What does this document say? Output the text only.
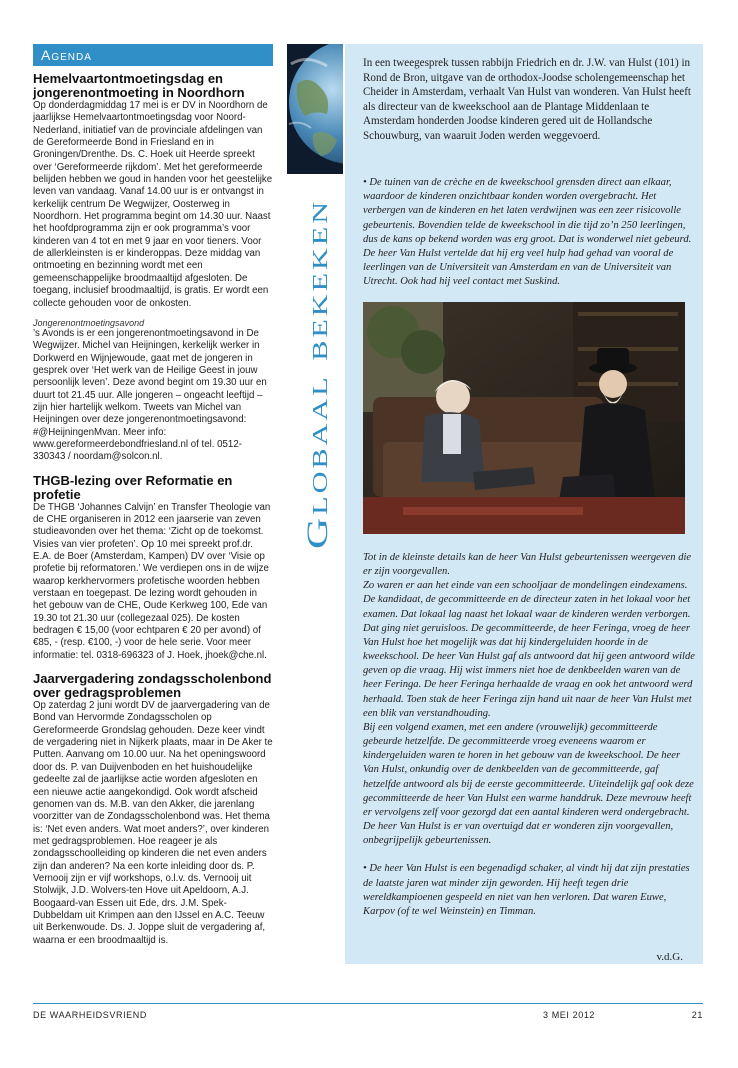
Agenda
Hemelvaartontmoetingsdag en jongerenontmoeting in Noordhorn

Op donderdagmiddag 17 mei is er DV in Noordhorn de jaarlijkse Hemelvaartontmoetingsdag voor Noord-Nederland, initiatief van de provinciale afdelingen van de Gereformeerde Bond in Friesland en in Groningen/Drenthe. Ds. C. Hoek uit Heerde spreekt over ‘Gereformeerde rijkdom’. Met het gereformeerde belijden hebben we goud in handen voor het geestelijke leven van vandaag. Vanaf 14.00 uur is er ontvangst in kerkelijk centrum De Wegwijzer, Oosterweg in Noordhorn. Het programma begint om 14.30 uur. Naast het hoofdprogramma zijn er ook programma’s voor kinderen van 4 tot en met 9 jaar en voor tieners. Voor de allerkleinsten is er kinderoppas. Deze middag van ontmoeting en bezinning wordt met een gemeenschappelijke broodmaaltijd afgesloten. De toegang, inclusief broodmaaltijd, is gratis. Er wordt een collecte gehouden voor de onkosten.

Jongerenontmoetingsavond

’s Avonds is er een jongerenontmoetingsavond in De Wegwijzer. Michel van Heijningen, kerkelijk werker in Dorkwerd en Wijnjewoude, gaat met de jongeren in gesprek over ‘Het werk van de Heilige Geest in jouw persoonlijk leven’. Deze avond begint om 19.30 uur en duurt tot 21.45 uur. Alle jongeren – ongeacht leeftijd – zijn hier hartelijk welkom. Tweets van Michel van Heijningen over deze jongerenontmoetingsavond: #@HeijningenMvan. Meer info: www.gereformeerdebondfriesland.nl of tel. 0512-330343 / noordam@solcon.nl.

THGB-lezing over Reformatie en profetie

De THGB ‘Johannes Calvijn’ en Transfer Theologie van de CHE organiseren in 2012 een jaarserie van zeven studieavonden over het thema: ‘Zicht op de toekomst. Visies van vier profeten’. Op 10 mei spreekt prof.dr. E.A. de Boer (Amsterdam, Kampen) DV over ‘Visie op profetie bij reformatoren.’ We verdiepen ons in de wijze waarop kerkhervormers profetische woorden hebben verstaan en toegepast. De lezing wordt gehouden in het gebouw van de CHE, Oude Kerkweg 100, Ede van 19.30 tot 21.30 uur (collegezaal 025). De kosten bedragen € 15,00 (voor echtparen € 20 per avond) of €85, - (resp. €100, -) voor de hele serie. Voor meer informatie: tel. 0318-696323 of J. Hoek, jhoek@che.nl.

Jaarvergadering zondagsscholenbond over gedragsproblemen

Op zaterdag 2 juni wordt DV de jaarvergadering van de Bond van Hervormde Zondagsscholen op Gereformeerde Grondslag gehouden. Deze keer vindt de vergadering niet in Nijkerk plaats, maar in De Aker te Putten. Aanvang om 10.00 uur. Na het openingswoord door ds. P. van Duijvenboden en het huishoudelijke gedeelte zal de jaarlijkse actie worden afgesloten en een nieuwe actie aangekondigd. Ook wordt afscheid genomen van ds. M.B. van den Akker, die jarenlang voorzitter van de Zondagsscholenbond was. Het thema is: ‘Net even anders. Wat moet anders?’, over kinderen met gedragsproblemen. Hoe reageer je als zondagsschoolleiding op kinderen die net even anders zijn dan anderen? Na een korte inleiding door ds. P. Vernooij zijn er vijf workshops, o.l.v. ds. Vernooij uit Stolwijk, J.D. Wolvers-ten Hove uit Apeldoorn, A.J. Boogaard-van Essen uit Ede, drs. J.M. Spek-Dubbeldam uit Krimpen aan den IJssel en A.C. Teeuw uit Berkenwoude. Ds. J. Joppe sluit de vergadering af, waarna er een broodmaaltijd is.

Globaal bekeken

In een tweegesprek tussen rabbijn Friedrich en dr. J.W. van Hulst (101) in Rond de Bron, uitgave van de orthodox-Joodse scholengemeenschap het Cheider in Amsterdam, verhaalt Van Hulst van wonderen. Van Hulst heeft als directeur van de kweekschool aan de Plantage Middenlaan te Amsterdam honderden Joodse kinderen gered uit de Hollandsche Schouwburg, van waaruit Joden werden weggevoerd.

• De tuinen van de crèche en de kweekschool grensden direct aan elkaar, waardoor de kinderen onzichtbaar konden worden overgebracht. Het verbergen van de kinderen en het laten verdwijnen was een zeer risicovolle gebeurtenis. Bovendien telde de kweekschool in die tijd zo’n 250 leerlingen, dus de kans op bekend worden was erg groot. Dat is wonderwel niet gebeurd. De heer Van Hulst vertelde dat hij erg veel hulp had gehad van vooral de leerlingen van de Universiteit van Amsterdam en van de Universiteit van Utrecht. Ook had hij veel contact met Suskind.

Tot in de kleinste details kan de heer Van Hulst gebeurtenissen weergeven die er zijn voorgevallen.

Zo waren er aan het einde van een schooljaar de mondelingen eindexamens. De kandidaat, de gecommitteerde en de directeur zaten in het lokaal voor het examen. Dat lokaal lag naast het lokaal waar de kinderen werden verborgen. Dat ging niet geruisloos. De gecommitteerde, de heer Feringa, vroeg de heer Van Hulst hoe het mogelijk was dat hij kindergeluiden hoorde in de kweekschool. De heer Van Hulst gaf als antwoord dat hij geen antwoord wilde geven op die vraag. Hij wist immers niet hoe de denkbeelden waren van de heer Feringa. De heer Feringa herhaalde de vraag en ook het antwoord werd herhaald. Toen stak de heer Feringa zijn hand uit naar de heer Van Hulst met een blik van verstandhouding.

Bij een volgend examen, met een andere (vrouwelijk) gecommitteerde gebeurde hetzelfde. De gecommitteerde vroeg eveneens waarom er kindergeluiden waren te horen in het gebouw van de kweekschool. De heer Van Hulst, onkundig over de denkbeelden van de gecommitteerde, gaf hetzelfde antwoord als bij de eerste gecommitteerde. Uiteindelijk gaf ook deze gecommitteerde de heer Van Hulst een warme handdruk. Deze mevrouw heeft er vervolgens zelf voor gezorgd dat een aantal kinderen werd ondergebracht.

De heer Van Hulst is er van overtuigd dat er wonderen zijn voorgevallen, onbegrijpelijk gebeurtenissen.

• De heer Van Hulst is een begenadigd schaker, al vindt hij dat zijn prestaties de laatste jaren wat minder zijn geworden. Hij heeft tegen drie wereldkampioenen gespeeld en niet van hen verloren. Dat waren Euwe, Karpov (of te wel Weinstein) en Timman.

v.d.G.
DE WAARHEIDSVRIEND	3 MEI 2012	21
